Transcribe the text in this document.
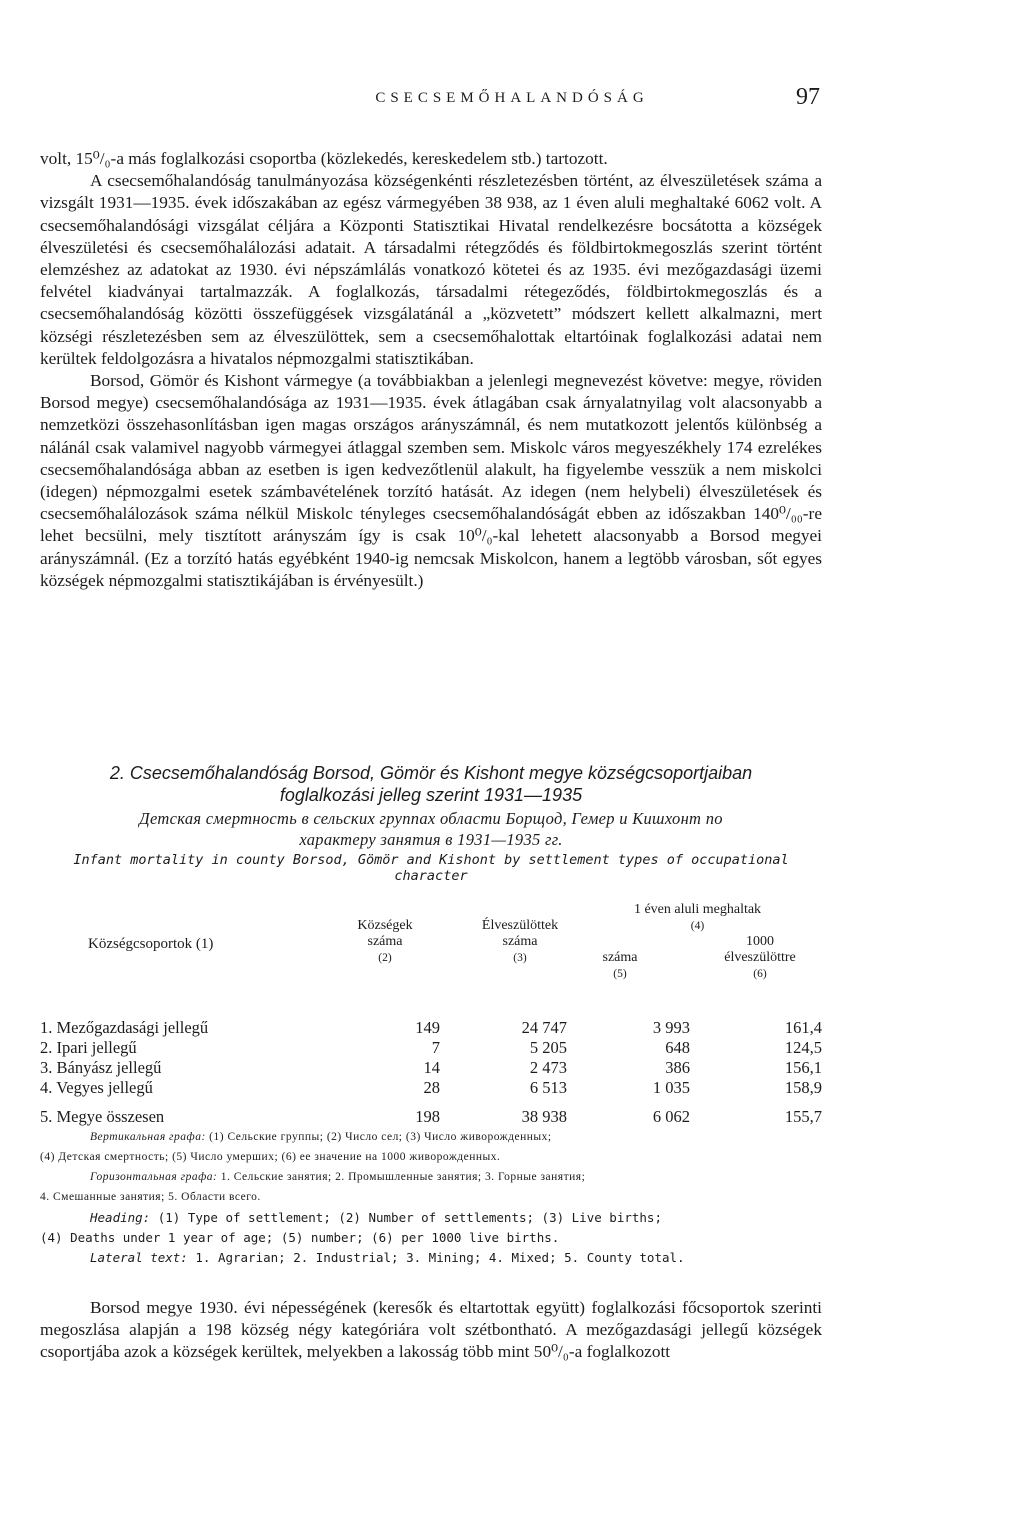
CSECSEMŐHALANDÓSÁG	97

volt, 15⁰/₀-a más foglalkozási csoportba (közlekedés, kereskedelem stb.) tartozott.

A csecsemőhalandóság tanulmányozása községenkénti részletezésben történt, az élveszületések száma a vizsgált 1931—1935. évek időszakában az egész vármegyében 38 938, az 1 éven aluli meghaltaké 6062 volt. A csecsemőhalandósági vizsgálat céljára a Központi Statisztikai Hivatal rendelkezésre bocsátotta a községek élveszületési és csecsemőhalálozási adatait. A társadalmi rétegződés és földbirtokmegoszlás szerint történt elemzéshez az adatokat az 1930. évi népszámlálás vonatkozó kötetei és az 1935. évi mezőgazdasági üzemi felvétel kiadványai tartalmazzák. A foglalkozás, társadalmi rétegeződés, földbirtokmegoszlás és a csecsemőhalandóság közötti összefüggések vizsgálatánál a „közvetett” módszert kellett alkalmazni, mert községi részletezésben sem az élveszülöttek, sem a csecsemőhalottak eltartóinak foglalkozási adatai nem kerültek feldolgozásra a hivatalos népmozgalmi statisztikában.

Borsod, Gömör és Kishont vármegye (a továbbiakban a jelenlegi megnevezést követve: megye, röviden Borsod megye) csecsemőhalandósága az 1931—1935. évek átlagában csak árnyalatnyilag volt alacsonyabb a nemzetközi összehasonlításban igen magas országos arányszámnál, és nem mutatkozott jelentős különbség a nálánál csak valamivel nagyobb vármegyei átlaggal szemben sem. Miskolc város megyeszékhely 174 ezrelékes csecsemőhalandósága abban az esetben is igen kedvezőtlenül alakult, ha figyelembe vesszük a nem miskolci (idegen) népmozgalmi esetek számbavételének torzító hatását. Az idegen (nem helybeli) élveszületések és csecsemőhalálozások száma nélkül Miskolc tényleges csecsemőhalandóságát ebben az időszakban 140⁰/₀₀-re lehet becsülni, mely tisztított arányszám így is csak 10⁰/₀-kal lehetett alacsonyabb a Borsod megyei arányszámnál. (Ez a torzító hatás egyébként 1940-ig nemcsak Miskolcon, hanem a legtöbb városban, sőt egyes községek népmozgalmi statisztikájában is érvényesült.)

2. Csecsemőhalandóság Borsod, Gömör és Kishont megye községcsoportjaiban
foglalkozási jelleg szerint 1931—1935
Детская смертность в сельских группах области Борщод, Гемер и Кишхонт по
характеру занятия в 1931—1935 гг.
Infant mortality in county Borsod, Gömör and Kishont by settlement types of occupational
character
Községcsoportok (1)
Községek
száma
(2)
Élveszülöttek
száma
(3)
1 éven aluli meghaltak
(4)
száma
(5)
1000
élveszülöttre
(6)
1. Mezőgazdasági jellegű	149	24 747	3 993	161,4
2. Ipari jellegű	7	5 205	648	124,5
3. Bányász jellegű	14	2 473	386	156,1
4. Vegyes jellegű	28	6 513	1 035	158,9
5. Megye összesen	198	38 938	6 062	155,7
Вертикальная графа: (1) Сельские группы; (2) Число сел; (3) Число живорожденных;
(4) Детская смертность; (5) Число умерших; (6) ее значение на 1000 живорожденных.
Горизонтальная графа: 1. Сельские занятия; 2. Промышленные занятия; 3. Горные занятия;
4. Смешанные занятия; 5. Области всего.
Heading: (1) Type of settlement; (2) Number of settlements; (3) Live births;
(4) Deaths under 1 year of age; (5) number; (6) per 1000 live births.
Lateral text: 1. Agrarian; 2. Industrial; 3. Mining; 4. Mixed; 5. County total.

Borsod megye 1930. évi népességének (keresők és eltartottak együtt) foglalkozási főcsoportok szerinti megoszlása alapján a 198 község négy kategóriára volt szétbontható. A mezőgazdasági jellegű községek csoportjába azok a községek kerültek, melyekben a lakosság több mint 50⁰/₀-a foglalkozott
